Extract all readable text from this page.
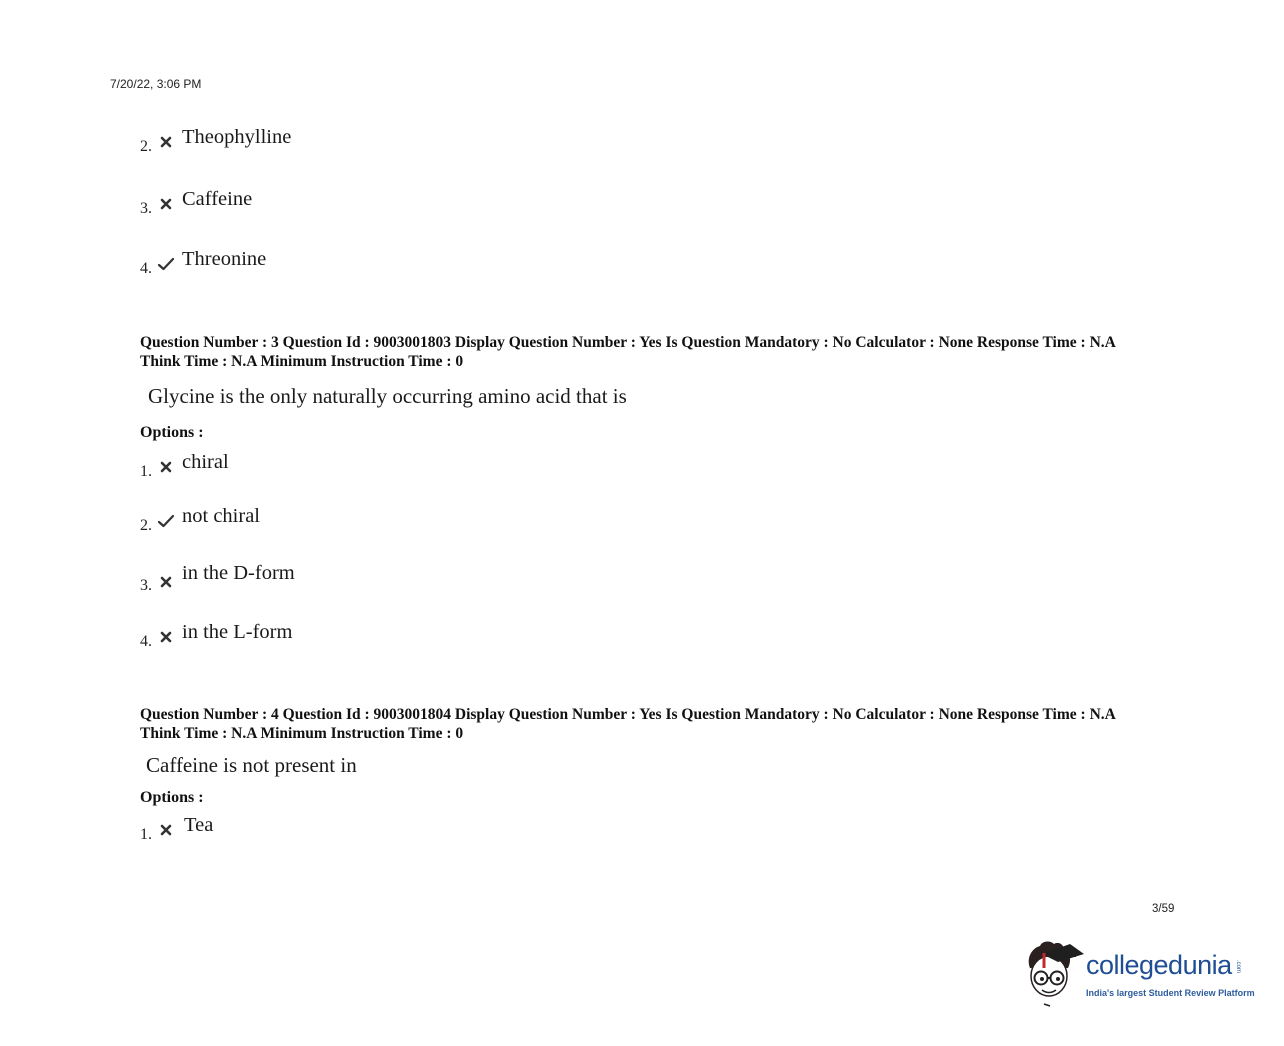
7/20/22, 3:06 PM
2. Theophylline
3. Caffeine
4. Threonine
Question Number : 3 Question Id : 9003001803 Display Question Number : Yes Is Question Mandatory : No Calculator : None Response Time : N.A Think Time : N.A Minimum Instruction Time : 0
Glycine is the only naturally occurring amino acid that is
Options :
1. chiral
2. not chiral
3.
in the D-form
4. in the L-form
Question Number : 4 Question Id : 9003001804 Display Question Number : Yes Is Question Mandatory : No Calculator : None Response Time : N.A Think Time : N.A Minimum Instruction Time : 0
Caffeine is not present in
Options :
1. Tea
3/59
collegedunia .com
India's largest Student Review Platform
